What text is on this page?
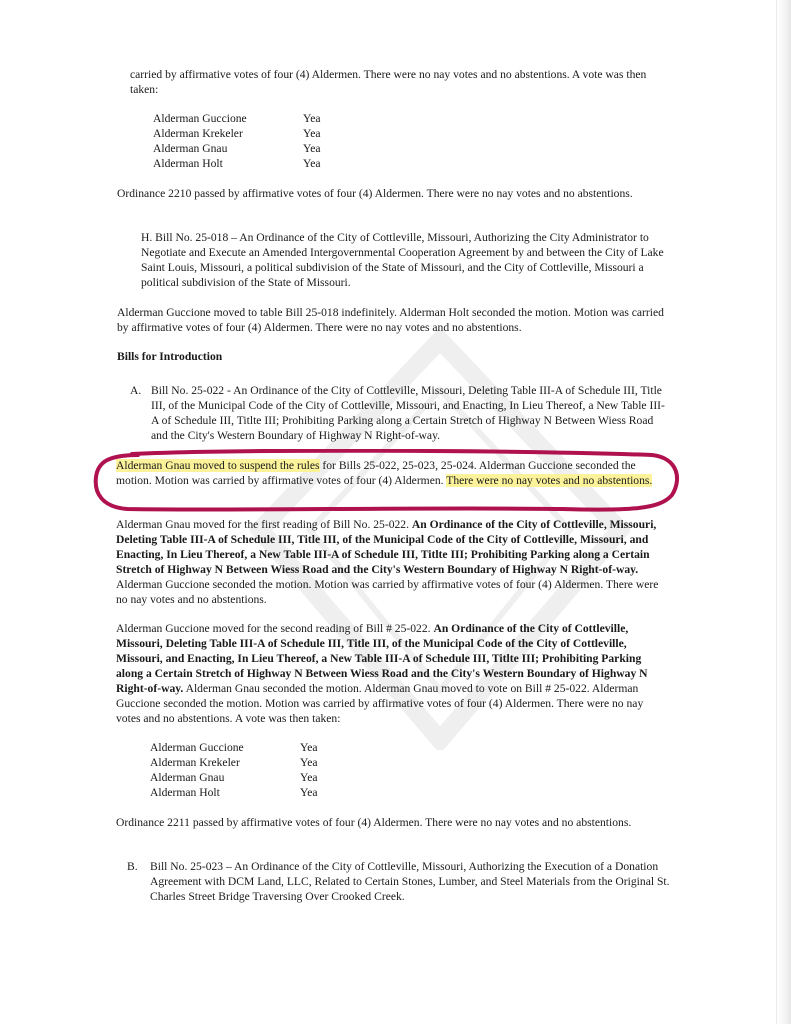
carried by affirmative votes of four (4) Aldermen. There were no nay votes and no abstentions. A vote was then taken:

Alderman Guccione	Yea
Alderman Krekeler	Yea
Alderman Gnau	Yea
Alderman Holt	Yea

Ordinance 2210 passed by affirmative votes of four (4) Aldermen. There were no nay votes and no abstentions.

H. Bill No. 25-018 – An Ordinance of the City of Cottleville, Missouri, Authorizing the City Administrator to Negotiate and Execute an Amended Intergovernmental Cooperation Agreement by and between the City of Lake Saint Louis, Missouri, a political subdivision of the State of Missouri, and the City of Cottleville, Missouri a political subdivision of the State of Missouri.

Alderman Guccione moved to table Bill 25-018 indefinitely. Alderman Holt seconded the motion. Motion was carried by affirmative votes of four (4) Aldermen. There were no nay votes and no abstentions.

Bills for Introduction

A. Bill No. 25-022 - An Ordinance of the City of Cottleville, Missouri, Deleting Table III-A of Schedule III, Title III, of the Municipal Code of the City of Cottleville, Missouri, and Enacting, In Lieu Thereof, a New Table III-A of Schedule III, Titlte III; Prohibiting Parking along a Certain Stretch of Highway N Between Wiess Road and the City's Western Boundary of Highway N Right-of-way.

Alderman Gnau moved to suspend the rules for Bills 25-022, 25-023, 25-024. Alderman Guccione seconded the motion. Motion was carried by affirmative votes of four (4) Aldermen. There were no nay votes and no abstentions.

Alderman Gnau moved for the first reading of Bill No. 25-022. An Ordinance of the City of Cottleville, Missouri, Deleting Table III-A of Schedule III, Title III, of the Municipal Code of the City of Cottleville, Missouri, and Enacting, In Lieu Thereof, a New Table III-A of Schedule III, Titlte III; Prohibiting Parking along a Certain Stretch of Highway N Between Wiess Road and the City's Western Boundary of Highway N Right-of-way. Alderman Guccione seconded the motion. Motion was carried by affirmative votes of four (4) Aldermen. There were no nay votes and no abstentions.

Alderman Guccione moved for the second reading of Bill # 25-022. An Ordinance of the City of Cottleville, Missouri, Deleting Table III-A of Schedule III, Title III, of the Municipal Code of the City of Cottleville, Missouri, and Enacting, In Lieu Thereof, a New Table III-A of Schedule III, Titlte III; Prohibiting Parking along a Certain Stretch of Highway N Between Wiess Road and the City's Western Boundary of Highway N Right-of-way. Alderman Gnau seconded the motion. Alderman Gnau moved to vote on Bill # 25-022. Alderman Guccione seconded the motion. Motion was carried by affirmative votes of four (4) Aldermen. There were no nay votes and no abstentions. A vote was then taken:

Alderman Guccione	Yea
Alderman Krekeler	Yea
Alderman Gnau	Yea
Alderman Holt	Yea

Ordinance 2211 passed by affirmative votes of four (4) Aldermen. There were no nay votes and no abstentions.

B. Bill No. 25-023 – An Ordinance of the City of Cottleville, Missouri, Authorizing the Execution of a Donation Agreement with DCM Land, LLC, Related to Certain Stones, Lumber, and Steel Materials from the Original St. Charles Street Bridge Traversing Over Crooked Creek.
